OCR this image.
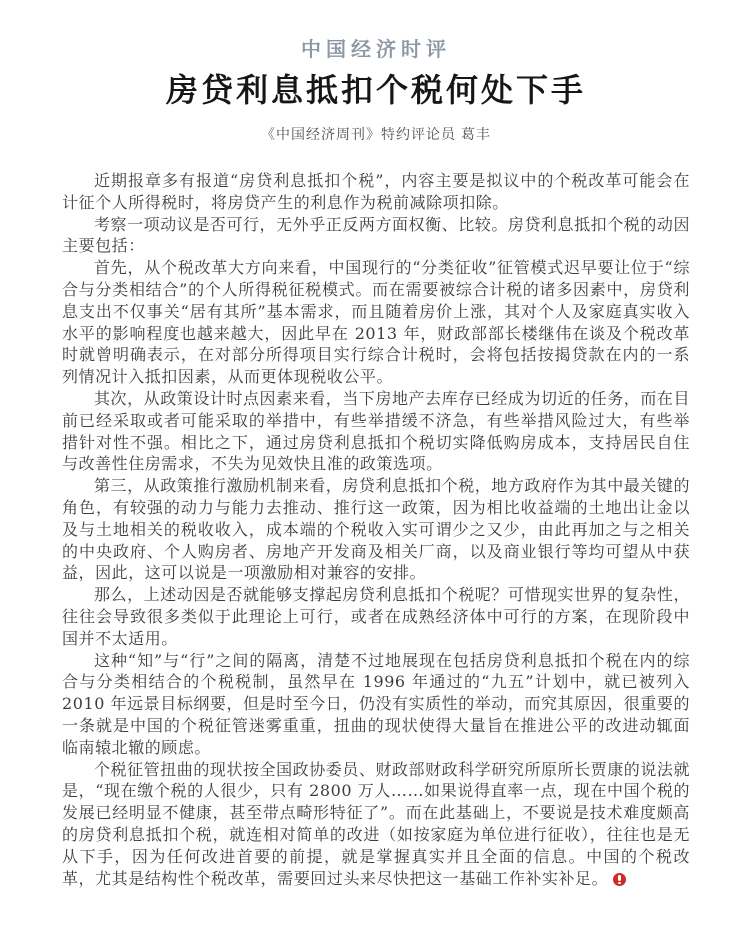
中国经济时评
房贷利息抵扣个税何处下手
《中国经济周刊》特约评论员 葛丰

近期报章多有报道“房贷利息抵扣个税”，内容主要是拟议中的个税改革可能会在计征个人所得税时，将房贷产生的利息作为税前减除项扣除。

考察一项动议是否可行，无外乎正反两方面权衡、比较。房贷利息抵扣个税的动因主要包括：

首先，从个税改革大方向来看，中国现行的“分类征收”征管模式迟早要让位于“综合与分类相结合”的个人所得税征税模式。而在需要被综合计税的诸多因素中，房贷利息支出不仅事关“居有其所”基本需求，而且随着房价上涨，其对个人及家庭真实收入水平的影响程度也越来越大，因此早在 2013 年，财政部部长楼继伟在谈及个税改革时就曾明确表示，在对部分所得项目实行综合计税时，会将包括按揭贷款在内的一系列情况计入抵扣因素，从而更体现税收公平。

其次，从政策设计时点因素来看，当下房地产去库存已经成为切近的任务，而在目前已经采取或者可能采取的举措中，有些举措缓不济急，有些举措风险过大，有些举措针对性不强。相比之下，通过房贷利息抵扣个税切实降低购房成本，支持居民自住与改善性住房需求，不失为见效快且准的政策选项。

第三，从政策推行激励机制来看，房贷利息抵扣个税，地方政府作为其中最关键的角色，有较强的动力与能力去推动、推行这一政策，因为相比收益端的土地出让金以及与土地相关的税收收入，成本端的个税收入实可谓少之又少，由此再加之与之相关的中央政府、个人购房者、房地产开发商及相关厂商，以及商业银行等均可望从中获益，因此，这可以说是一项激励相对兼容的安排。

那么，上述动因是否就能够支撑起房贷利息抵扣个税呢？可惜现实世界的复杂性，往往会导致很多类似于此理论上可行，或者在成熟经济体中可行的方案，在现阶段中国并不太适用。

这种“知”与“行”之间的隔离，清楚不过地展现在包括房贷利息抵扣个税在内的综合与分类相结合的个税税制，虽然早在 1996 年通过的“九五”计划中，就已被列入 2010 年远景目标纲要，但是时至今日，仍没有实质性的举动，而究其原因，很重要的一条就是中国的个税征管迷雾重重，扭曲的现状使得大量旨在推进公平的改进动辄面临南辕北辙的顾虑。

个税征管扭曲的现状按全国政协委员、财政部财政科学研究所原所长贾康的说法就是，“现在缴个税的人很少，只有 2800 万人……如果说得直率一点，现在中国个税的发展已经明显不健康，甚至带点畸形特征了”。而在此基础上，不要说是技术难度颇高的房贷利息抵扣个税，就连相对简单的改进（如按家庭为单位进行征收），往往也是无从下手，因为任何改进首要的前提，就是掌握真实并且全面的信息。中国的个税改革，尤其是结构性个税改革，需要回过头来尽快把这一基础工作补实补足。
